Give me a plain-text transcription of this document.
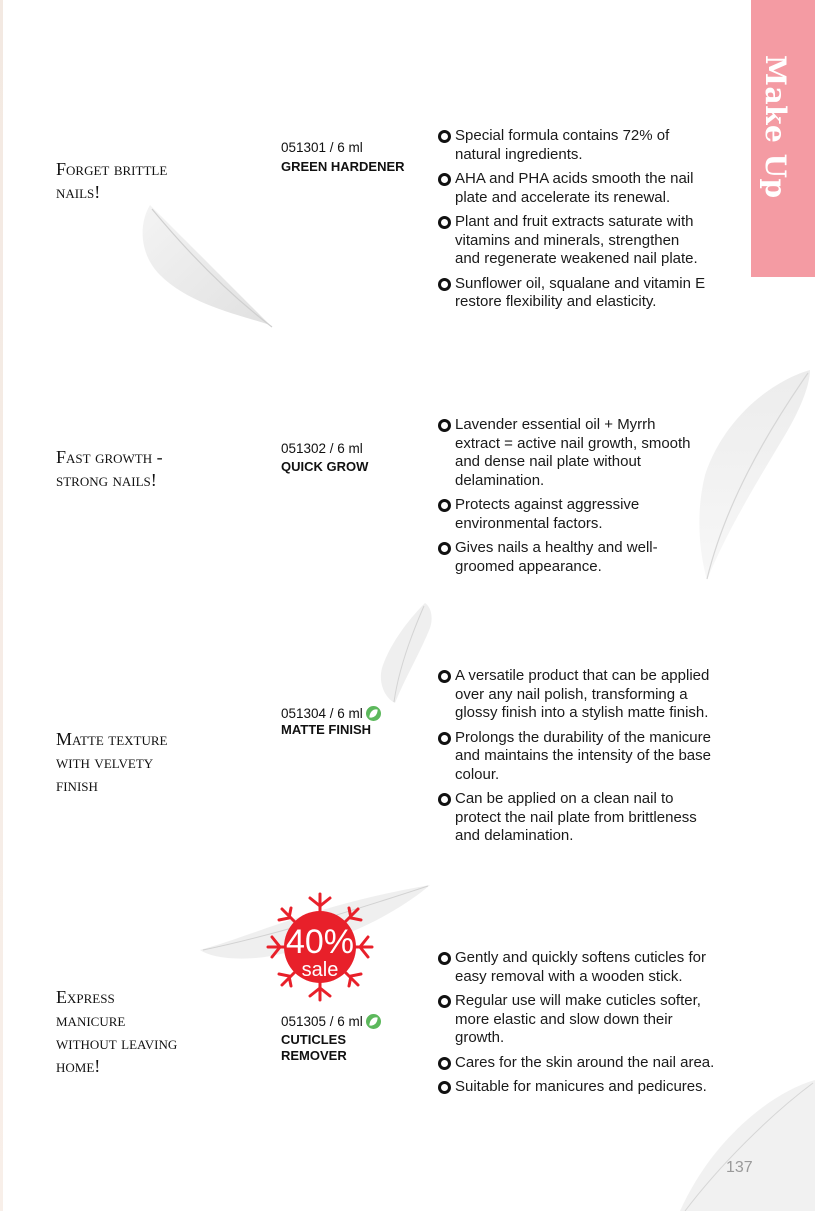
Make Up
Forget brittle
nails!
051301 / 6 ml
GREEN HARDENER
Special formula contains 72% of
natural ingredients.
AHA and PHA acids smooth the nail
plate and accelerate its renewal.
Plant and fruit extracts saturate with
vitamins and minerals, strengthen
and regenerate weakened nail plate.
Sunflower oil, squalane and vitamin E
restore flexibility and elasticity.
Fast growth -
strong nails!
051302 / 6 ml
QUICK GROW
Lavender essential oil + Myrrh
extract = active nail growth, smooth
and dense nail plate without
delamination.
Protects against aggressive
environmental factors.
Gives nails a healthy and well-
groomed appearance.
Matte texture
with velvety
finish
051304 / 6 ml
MATTE FINISH
A versatile product that can be applied
over any nail polish, transforming a
glossy finish into a stylish matte finish.
Prolongs the durability of the manicure
and maintains the intensity of the base
colour.
Can be applied on a clean nail to
protect the nail plate from brittleness
and delamination.
40%
sale
Express
manicure
without leaving
home!
051305 / 6 ml
CUTICLES
REMOVER
Gently and quickly softens cuticles for
easy removal with a wooden stick.
Regular use will make cuticles softer,
more elastic and slow down their
growth.
Cares for the skin around the nail area.
Suitable for manicures and pedicures.
137
